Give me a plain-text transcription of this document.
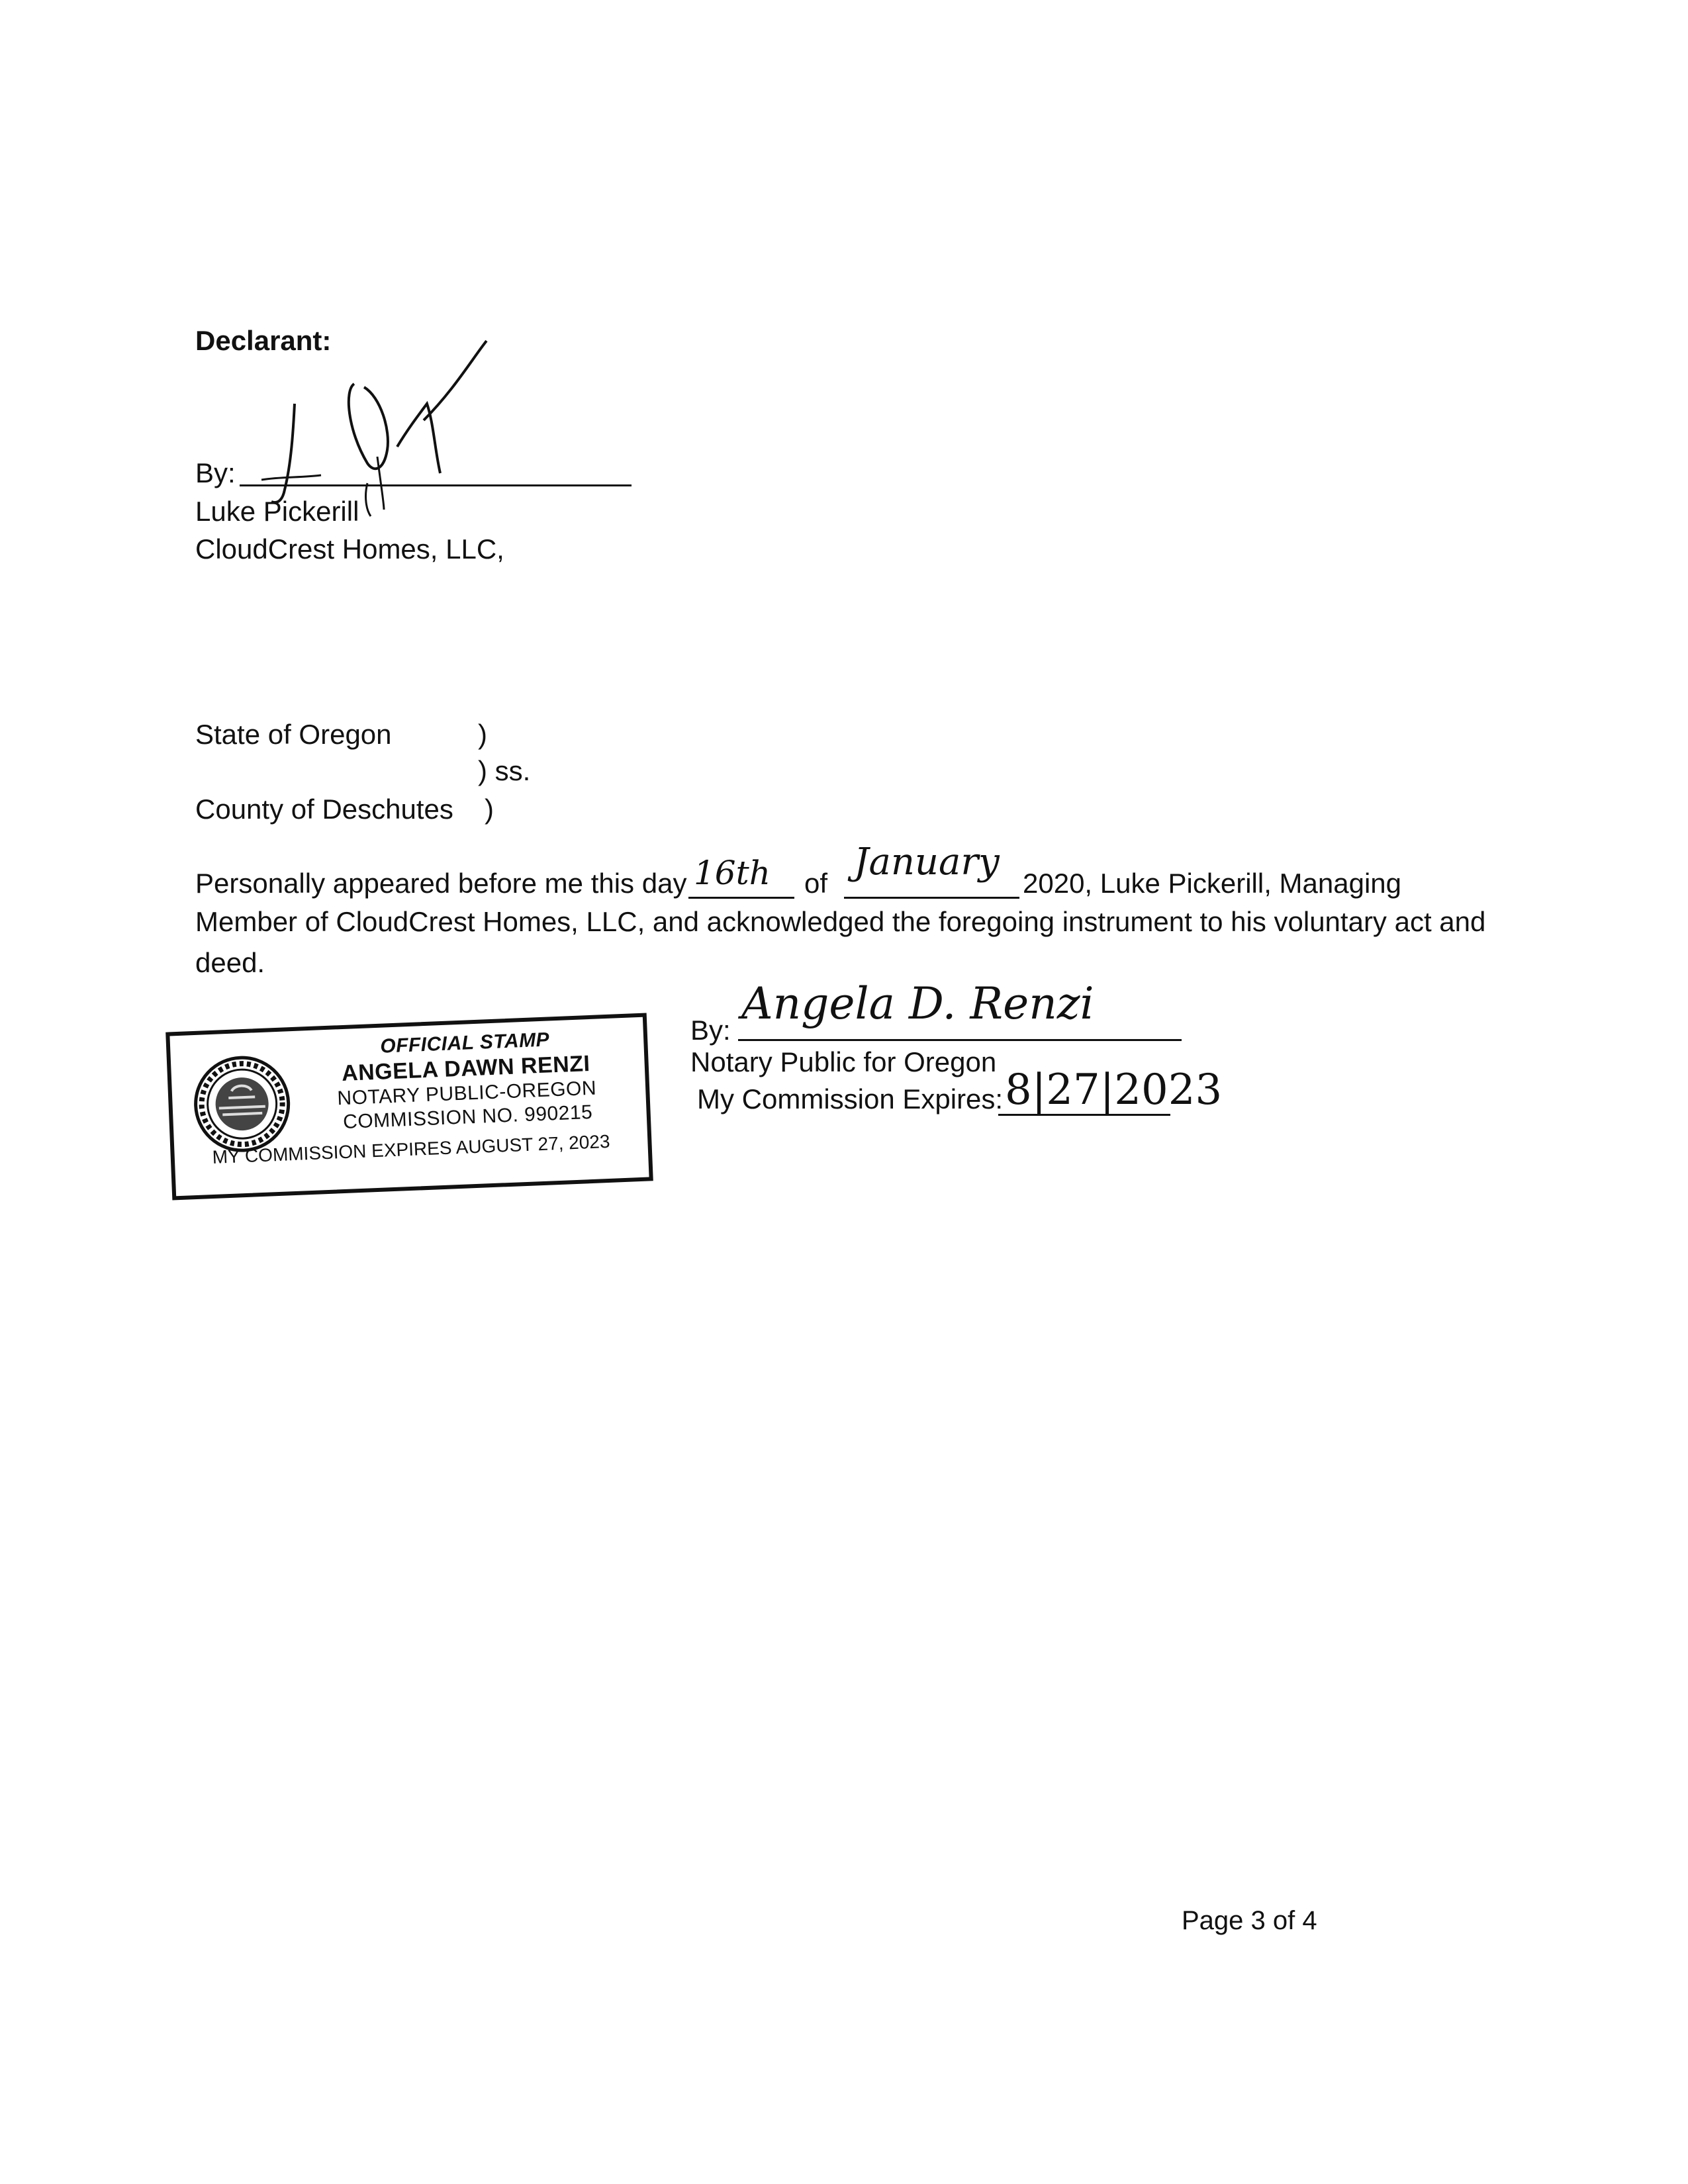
Declarant:
By:
Luke Pickerill
CloudCrest Homes, LLC,
State of Oregon	)
) ss.
County of Deschutes )
Personally appeared before me this day 16th of January 2020, Luke Pickerill, Managing
Member of CloudCrest Homes, LLC, and acknowledged the foregoing instrument to his voluntary act and
deed.
By:
Angela D. Renzi
Notary Public for Oregon
My Commission Expires: 8|27|2023
OFFICIAL STAMP
ANGELA DAWN RENZI
NOTARY PUBLIC-OREGON
COMMISSION NO. 990215
MY COMMISSION EXPIRES AUGUST 27, 2023
Page 3 of 4
